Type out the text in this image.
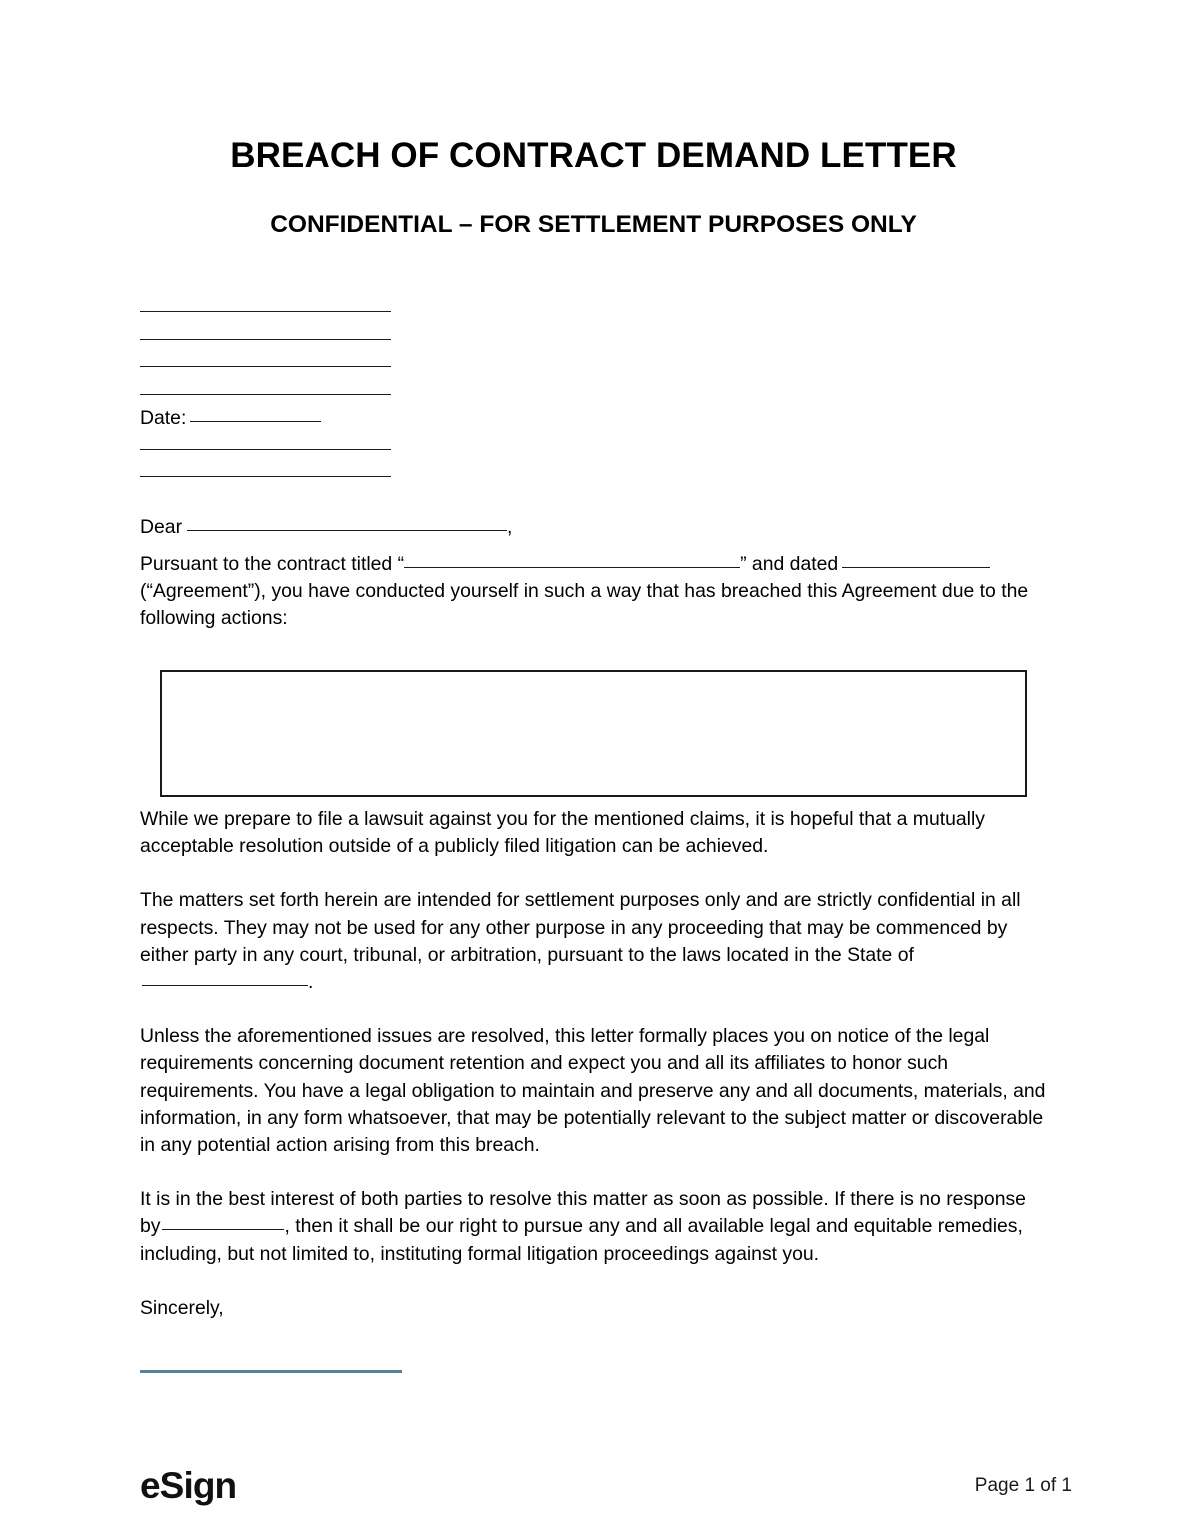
BREACH OF CONTRACT DEMAND LETTER
CONFIDENTIAL – FOR SETTLEMENT PURPOSES ONLY
Date:
Dear	,

Pursuant to the contract titled “	” and dated (“Agreement”), you have conducted yourself in such a way that has breached this Agreement due to the following actions:

While we prepare to file a lawsuit against you for the mentioned claims, it is hopeful that a mutually acceptable resolution outside of a publicly filed litigation can be achieved.

The matters set forth herein are intended for settlement purposes only and are strictly confidential in all respects. They may not be used for any other purpose in any proceeding that may be commenced by either party in any court, tribunal, or arbitration, pursuant to the laws located in the State of.

Unless the aforementioned issues are resolved, this letter formally places you on notice of the legal requirements concerning document retention and expect you and all its affiliates to honor such requirements. You have a legal obligation to maintain and preserve any and all documents, materials, and information, in any form whatsoever, that may be potentially relevant to the subject matter or discoverable in any potential action arising from this breach.

It is in the best interest of both parties to resolve this matter as soon as possible. If there is no response by	, then it shall be our right to pursue any and all available legal and equitable remedies, including, but not limited to, instituting formal litigation proceedings against you.

Sincerely,

eSign	Page 1 of 1
